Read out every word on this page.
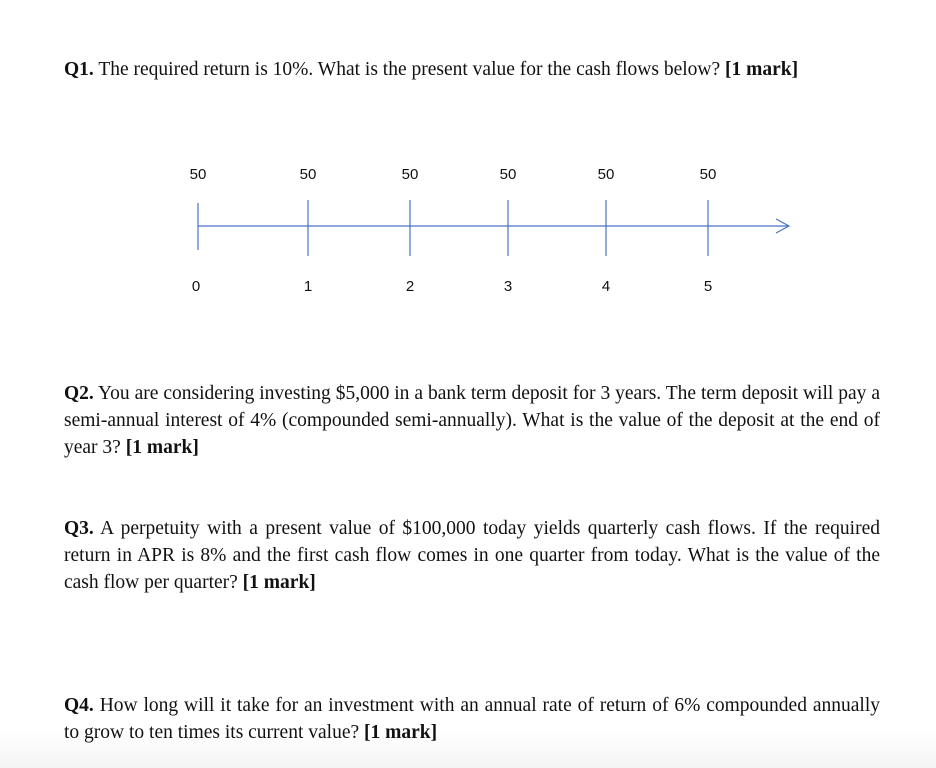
Q1. The required return is 10%. What is the present value for the cash flows below? [1 mark]
50
0
50
1
50
2
50
3
50
4
50
5
Q2. You are considering investing $5,000 in a bank term deposit for 3 years. The term deposit will pay a semi-annual interest of 4% (compounded semi-annually). What is the value of the deposit at the end of year 3? [1 mark]
Q3. A perpetuity with a present value of $100,000 today yields quarterly cash flows. If the required return in APR is 8% and the first cash flow comes in one quarter from today. What is the value of the cash flow per quarter? [1 mark]
Q4. How long will it take for an investment with an annual rate of return of 6% compounded annually to grow to ten times its current value? [1 mark]
